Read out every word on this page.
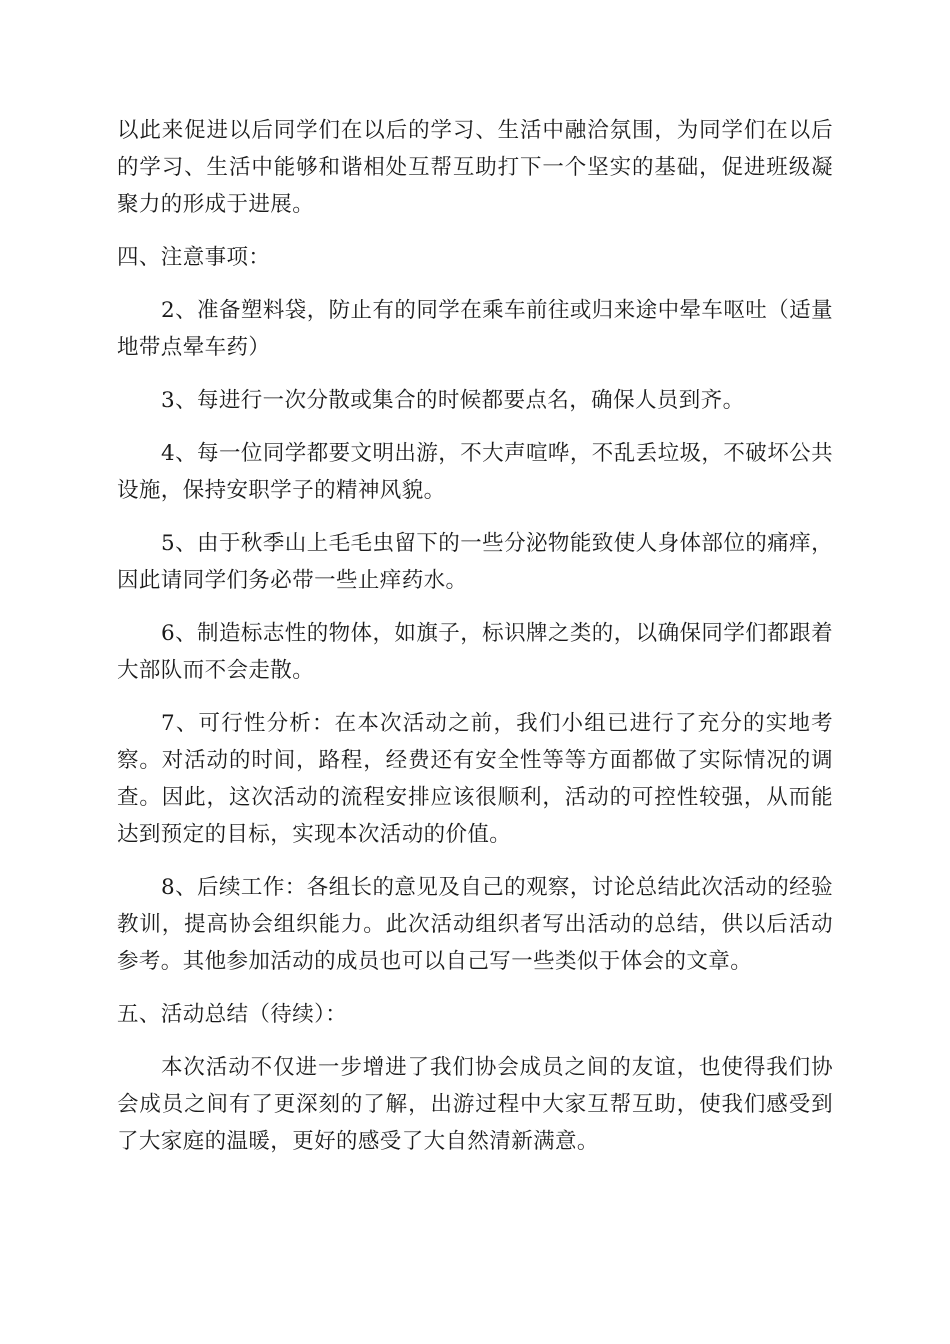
以此来促进以后同学们在以后的学习、生活中融洽氛围，为同学们在以后的学习、生活中能够和谐相处互帮互助打下一个坚实的基础，促进班级凝聚力的形成于进展。

四、注意事项：

2、准备塑料袋，防止有的同学在乘车前往或归来途中晕车呕吐（适量地带点晕车药）

3、每进行一次分散或集合的时候都要点名，确保人员到齐。

4、每一位同学都要文明出游，不大声喧哗，不乱丢垃圾，不破坏公共设施，保持安职学子的精神风貌。

5、由于秋季山上毛毛虫留下的一些分泌物能致使人身体部位的痛痒，因此请同学们务必带一些止痒药水。

6、制造标志性的物体，如旗子，标识牌之类的，以确保同学们都跟着大部队而不会走散。

7、可行性分析：在本次活动之前，我们小组已进行了充分的实地考察。对活动的时间，路程，经费还有安全性等等方面都做了实际情况的调查。因此，这次活动的流程安排应该很顺利，活动的可控性较强，从而能达到预定的目标，实现本次活动的价值。

8、后续工作：各组长的意见及自己的观察，讨论总结此次活动的经验教训，提高协会组织能力。此次活动组织者写出活动的总结，供以后活动参考。其他参加活动的成员也可以自己写一些类似于体会的文章。

五、活动总结（待续）：

本次活动不仅进一步增进了我们协会成员之间的友谊，也使得我们协会成员之间有了更深刻的了解，出游过程中大家互帮互助，使我们感受到了大家庭的温暖，更好的感受了大自然清新满意。
